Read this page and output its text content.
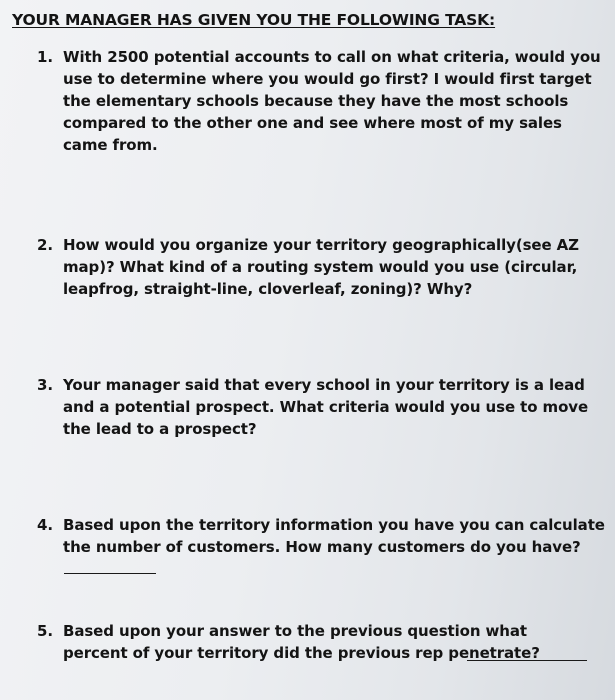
YOUR MANAGER HAS GIVEN YOU THE FOLLOWING TASK:
1. With 2500 potential accounts to call on what criteria, would you use to determine where you would go first? I would first target the elementary schools because they have the most schools compared to the other one and see where most of my sales came from.
2. How would you organize your territory geographically(see AZ map)? What kind of a routing system would you use (circular, leapfrog, straight-line, cloverleaf, zoning)? Why?
3. Your manager said that every school in your territory is a lead and a potential prospect. What criteria would you use to move the lead to a prospect?
4. Based upon the territory information you have you can calculate the number of customers. How many customers do you have?
5. Based upon your answer to the previous question what percent of your territory did the previous rep penetrate?
